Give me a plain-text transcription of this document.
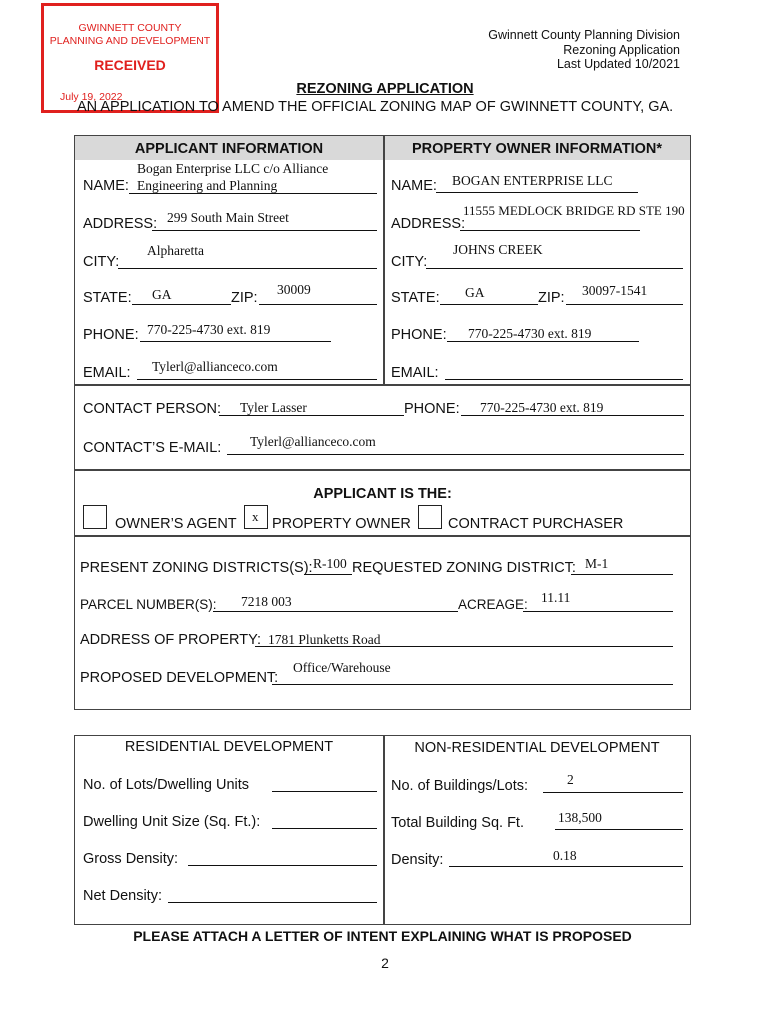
GWINNETT COUNTY
PLANNING AND DEVELOPMENT
RECEIVED
July 19, 2022
Gwinnett County Planning Division
Rezoning Application
Last Updated 10/2021
REZONING APPLICATION
AN APPLICATION TO AMEND THE OFFICIAL ZONING MAP OF GWINNETT COUNTY, GA.
APPLICANT INFORMATION	PROPERTY OWNER INFORMATION*
Bogan Enterprise LLC c/o Alliance
NAME: Engineering and Planning
ADDRESS: 299 South Main Street
CITY:
Alpharetta
STATE: GA	ZIP:
30009
PHONE: 770-225-4730 ext. 819
EMAIL: Tylerl@allianceco.com
NAME: BOGAN ENTERPRISE LLC
ADDRESS:
11555 MEDLOCK BRIDGE RD STE 190
CITY:
JOHNS CREEK
STATE: GA	ZIP: 30097-1541
PHONE: 770-225-4730 ext. 819
EMAIL:
CONTACT PERSON: Tyler Lasser	PHONE: 770-225-4730 ext. 819
CONTACT’S E-MAIL: Tylerl@allianceco.com
APPLICANT IS THE:
OWNER’S AGENT x PROPERTY OWNER	CONTRACT PURCHASER
PRESENT ZONING DISTRICTS(S): R-100 REQUESTED ZONING DISTRICT: M-1
PARCEL NUMBER(S): 7218 003	ACREAGE: 11.11
ADDRESS OF PROPERTY: 1781 Plunketts Road
PROPOSED DEVELOPMENT:
Office/Warehouse
RESIDENTIAL DEVELOPMENT	NON-RESIDENTIAL DEVELOPMENT
No. of Lots/Dwelling Units
Dwelling Unit Size (Sq. Ft.):
Gross Density:
Net Density:
No. of Buildings/Lots:	2
Total Building Sq. Ft.	138,500
Density:	0.18
PLEASE ATTACH A LETTER OF INTENT EXPLAINING WHAT IS PROPOSED
2
